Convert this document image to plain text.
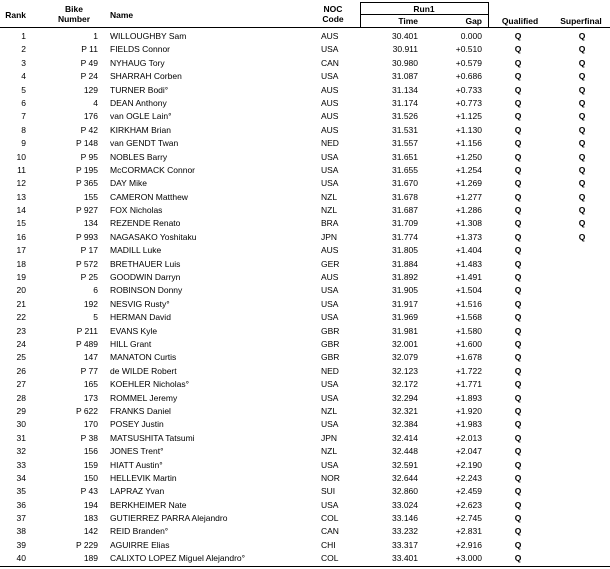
Rank
Bike
Number	Name
NOC
Code
Run1
Time	Gap	Qualified	Superfinal
1	1 WILLOUGHBY Sam	AUS	30.401	0.000	Q	Q
2	P 11 FIELDS Connor	USA	30.911	+0.510	Q	Q
3	P 49 NYHAUG Tory	CAN	30.980	+0.579	Q	Q
4	P 24 SHARRAH Corben	USA	31.087	+0.686	Q	Q
5	129 TURNER Bodi°	AUS	31.134	+0.733	Q	Q
6	4 DEAN Anthony	AUS	31.174	+0.773	Q	Q
7	176 van OGLE Lain°	AUS	31.526	+1.125	Q	Q
8	P 42 KIRKHAM Brian	AUS	31.531	+1.130	Q	Q
9	P 148 van GENDT Twan	NED	31.557	+1.156	Q	Q
10	P 95 NOBLES Barry	USA	31.651	+1.250	Q	Q
11	P 195 McCORMACK Connor	USA	31.655	+1.254	Q	Q
12	P 365 DAY Mike	USA	31.670	+1.269	Q	Q
13	155 CAMERON Matthew	NZL	31.678	+1.277	Q	Q
14	P 927 FOX Nicholas	NZL	31.687	+1.286	Q	Q
15	134 REZENDE Renato	BRA	31.709	+1.308	Q	Q
16	P 993 NAGASAKO Yoshitaku	JPN	31.774	+1.373	Q	Q
17	P 17 MADILL Luke	AUS	31.805	+1.404	Q
18	P 572 BRETHAUER Luis	GER	31.884	+1.483	Q
19	P 25 GOODWIN Darryn	AUS	31.892	+1.491	Q
20	6 ROBINSON Donny	USA	31.905	+1.504	Q
21	192 NESVIG Rusty°	USA	31.917	+1.516	Q
22	5 HERMAN David	USA	31.969	+1.568	Q
23	P 211 EVANS Kyle	GBR	31.981	+1.580	Q
24	P 489 HILL Grant	GBR	32.001	+1.600	Q
25	147 MANATON Curtis	GBR	32.079	+1.678	Q
26	P 77 de WILDE Robert	NED	32.123	+1.722	Q
27	165 KOEHLER Nicholas°	USA	32.172	+1.771	Q
28	173 ROMMEL Jeremy	USA	32.294	+1.893	Q
29	P 622 FRANKS Daniel	NZL	32.321	+1.920	Q
30	170 POSEY Justin	USA	32.384	+1.983	Q
31	P 38 MATSUSHITA Tatsumi	JPN	32.414	+2.013	Q
32	156 JONES Trent°	NZL	32.448	+2.047	Q
33	159 HIATT Austin°	USA	32.591	+2.190	Q
34	150 HELLEVIK Martin	NOR	32.644	+2.243	Q
35	P 43 LAPRAZ Yvan	SUI	32.860	+2.459	Q
36	194 BERKHEIMER Nate	USA	33.024	+2.623	Q
37	183 GUTIERREZ PARRA Alejandro	COL	33.146	+2.745	Q
38	142 REID Branden°	CAN	33.232	+2.831	Q
39	P 229 AGUIRRE Elias	CHI	33.317	+2.916	Q
40	189 CALIXTO LOPEZ Miguel Alejandro°	COL	33.401	+3.000	Q
